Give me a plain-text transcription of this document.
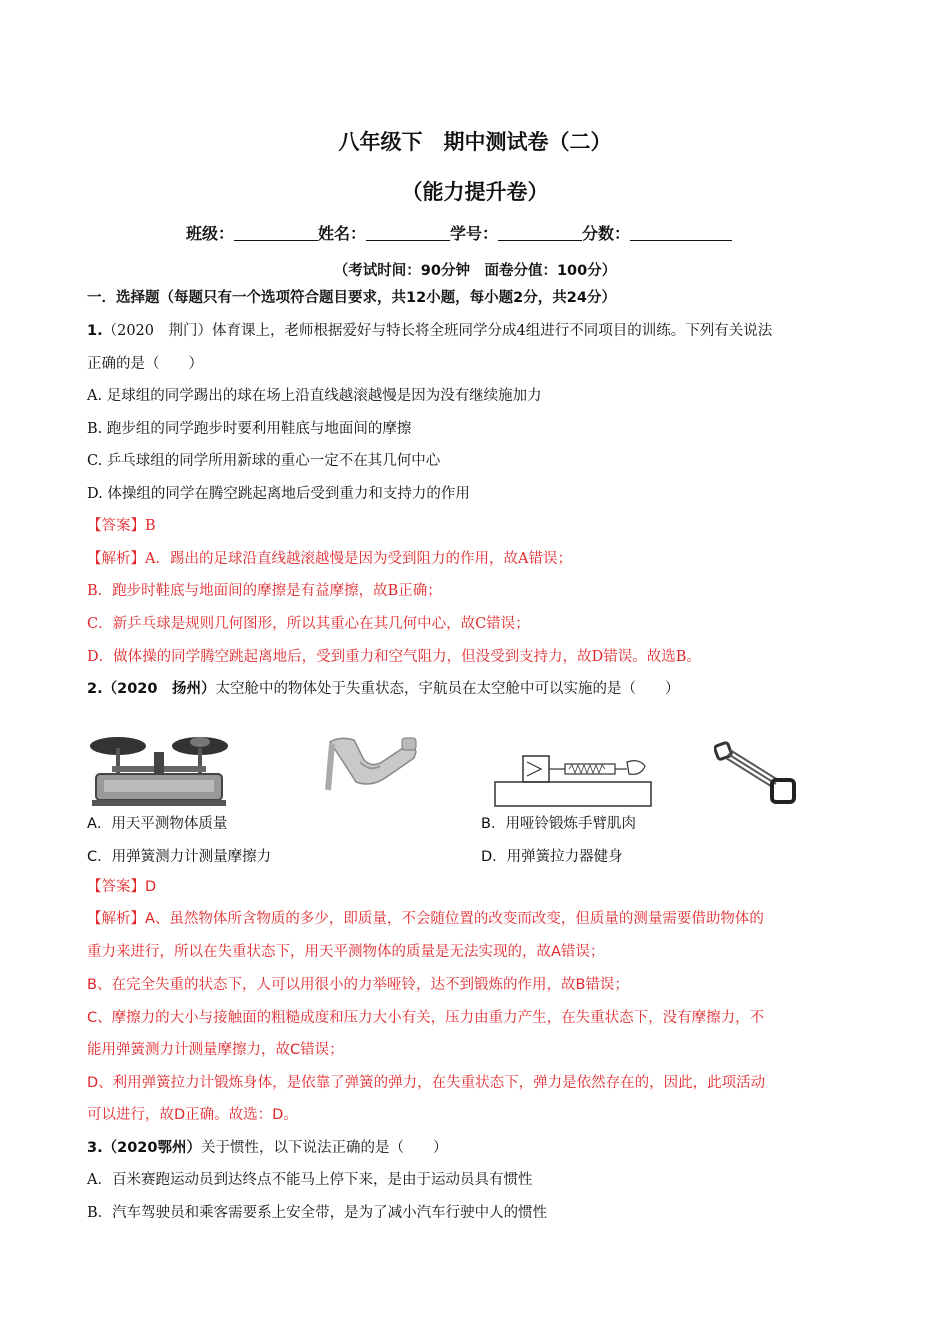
八年级下　期中测试卷（二）
（能力提升卷）
班级：	姓名：	学号：	分数：
（考试时间：90分钟　面卷分值：100分）
一．选择题（每题只有一个选项符合题目要求，共12小题，每小题2分，共24分）
1.（2020　荆门）体育课上，老师根据爱好与特长将全班同学分成4组进行不同项目的训练。下列有关说法
正确的是（　　）
A. 足球组的同学踢出的球在场上沿直线越滚越慢是因为没有继续施加力
B. 跑步组的同学跑步时要利用鞋底与地面间的摩擦
C. 乒乓球组的同学所用新球的重心一定不在其几何中心
D. 体操组的同学在腾空跳起离地后受到重力和支持力的作用
【答案】B
【解析】A．踢出的足球沿直线越滚越慢是因为受到阻力的作用，故A错误；
B．跑步时鞋底与地面间的摩擦是有益摩擦，故B正确；
C．新乒乓球是规则几何图形，所以其重心在其几何中心，故C错误；
D．做体操的同学腾空跳起离地后，受到重力和空气阻力，但没受到支持力，故D错误。故选B。
2.（2020　扬州）太空舱中的物体处于失重状态，宇航员在太空舱中可以实施的是（　　）
A．用天平测物体质量	B．用哑铃锻炼手臂肌肉
C．用弹簧测力计测量摩擦力	D．用弹簧拉力器健身
【答案】D
【解析】A、虽然物体所含物质的多少，即质量，不会随位置的改变而改变，但质量的测量需要借助物体的
重力来进行，所以在失重状态下，用天平测物体的质量是无法实现的，故A错误；
B、在完全失重的状态下，人可以用很小的力举哑铃，达不到锻炼的作用，故B错误；
C、摩擦力的大小与接触面的粗糙成度和压力大小有关，压力由重力产生，在失重状态下，没有摩擦力，不
能用弹簧测力计测量摩擦力，故C错误；
D、利用弹簧拉力计锻炼身体，是依靠了弹簧的弹力，在失重状态下，弹力是依然存在的，因此，此项活动
可以进行，故D正确。故选：D。
3.（2020鄂州）关于惯性，以下说法正确的是（　　）
A．百米赛跑运动员到达终点不能马上停下来，是由于运动员具有惯性
B．汽车驾驶员和乘客需要系上安全带，是为了减小汽车行驶中人的惯性
